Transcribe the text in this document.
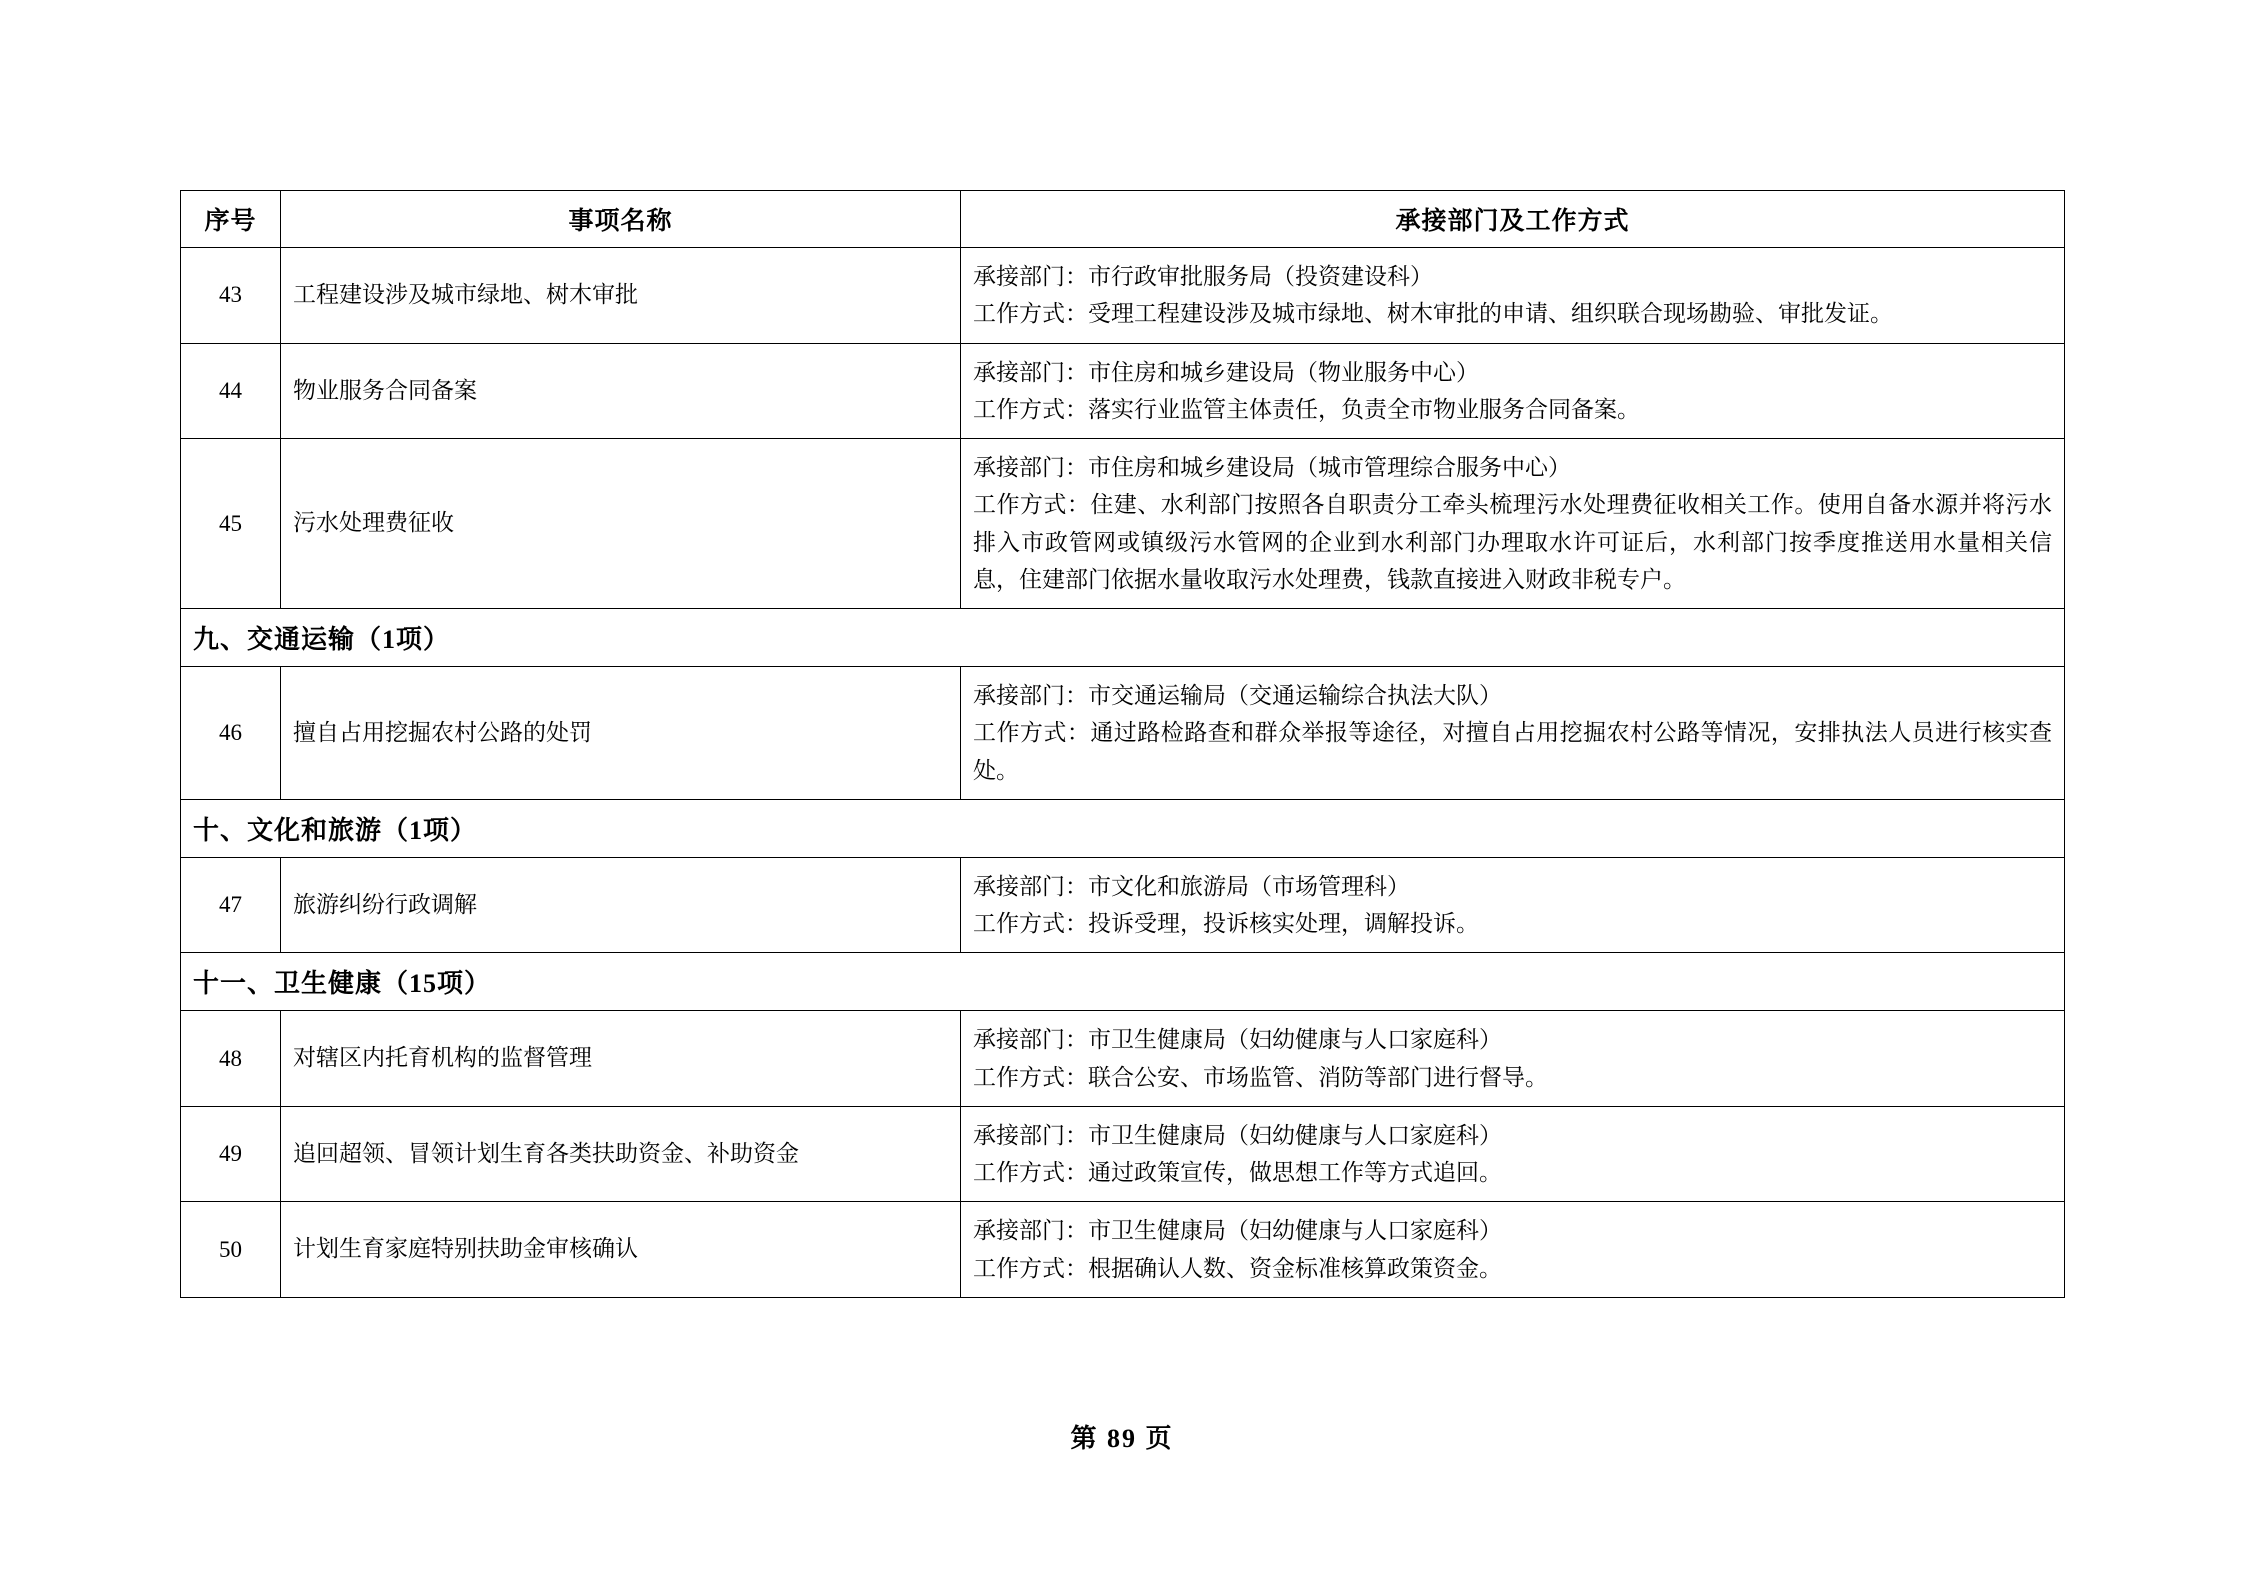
序号	事项名称	承接部门及工作方式
43	工程建设涉及城市绿地、树木审批	承接部门：市行政审批服务局（投资建设科）
工作方式：受理工程建设涉及城市绿地、树木审批的申请、组织联合现场勘验、审批发证。

44	物业服务合同备案	承接部门：市住房和城乡建设局（物业服务中心）
工作方式：落实行业监管主体责任，负责全市物业服务合同备案。

45	污水处理费征收	承接部门：市住房和城乡建设局（城市管理综合服务中心）
工作方式：住建、水利部门按照各自职责分工牵头梳理污水处理费征收相关工作。使用自备水源并将污水排入市政管网或镇级污水管网的企业到水利部门办理取水许可证后，水利部门按季度推送用水量相关信息，住建部门依据水量收取污水处理费，钱款直接进入财政非税专户。

九、交通运输（1项）		
46	擅自占用挖掘农村公路的处罚	承接部门：市交通运输局（交通运输综合执法大队）
工作方式：通过路检路查和群众举报等途径，对擅自占用挖掘农村公路等情况，安排执法人员进行核实查处。

十、文化和旅游（1项）		
47	旅游纠纷行政调解	承接部门：市文化和旅游局（市场管理科）
工作方式：投诉受理，投诉核实处理，调解投诉。

十一、卫生健康（15项）		
48	对辖区内托育机构的监督管理	承接部门：市卫生健康局（妇幼健康与人口家庭科）
工作方式：联合公安、市场监管、消防等部门进行督导。

49	追回超领、冒领计划生育各类扶助资金、补助资金	承接部门：市卫生健康局（妇幼健康与人口家庭科）
工作方式：通过政策宣传，做思想工作等方式追回。

50	计划生育家庭特别扶助金审核确认	承接部门：市卫生健康局（妇幼健康与人口家庭科）
工作方式：根据确认人数、资金标准核算政策资金。
第 89 页
